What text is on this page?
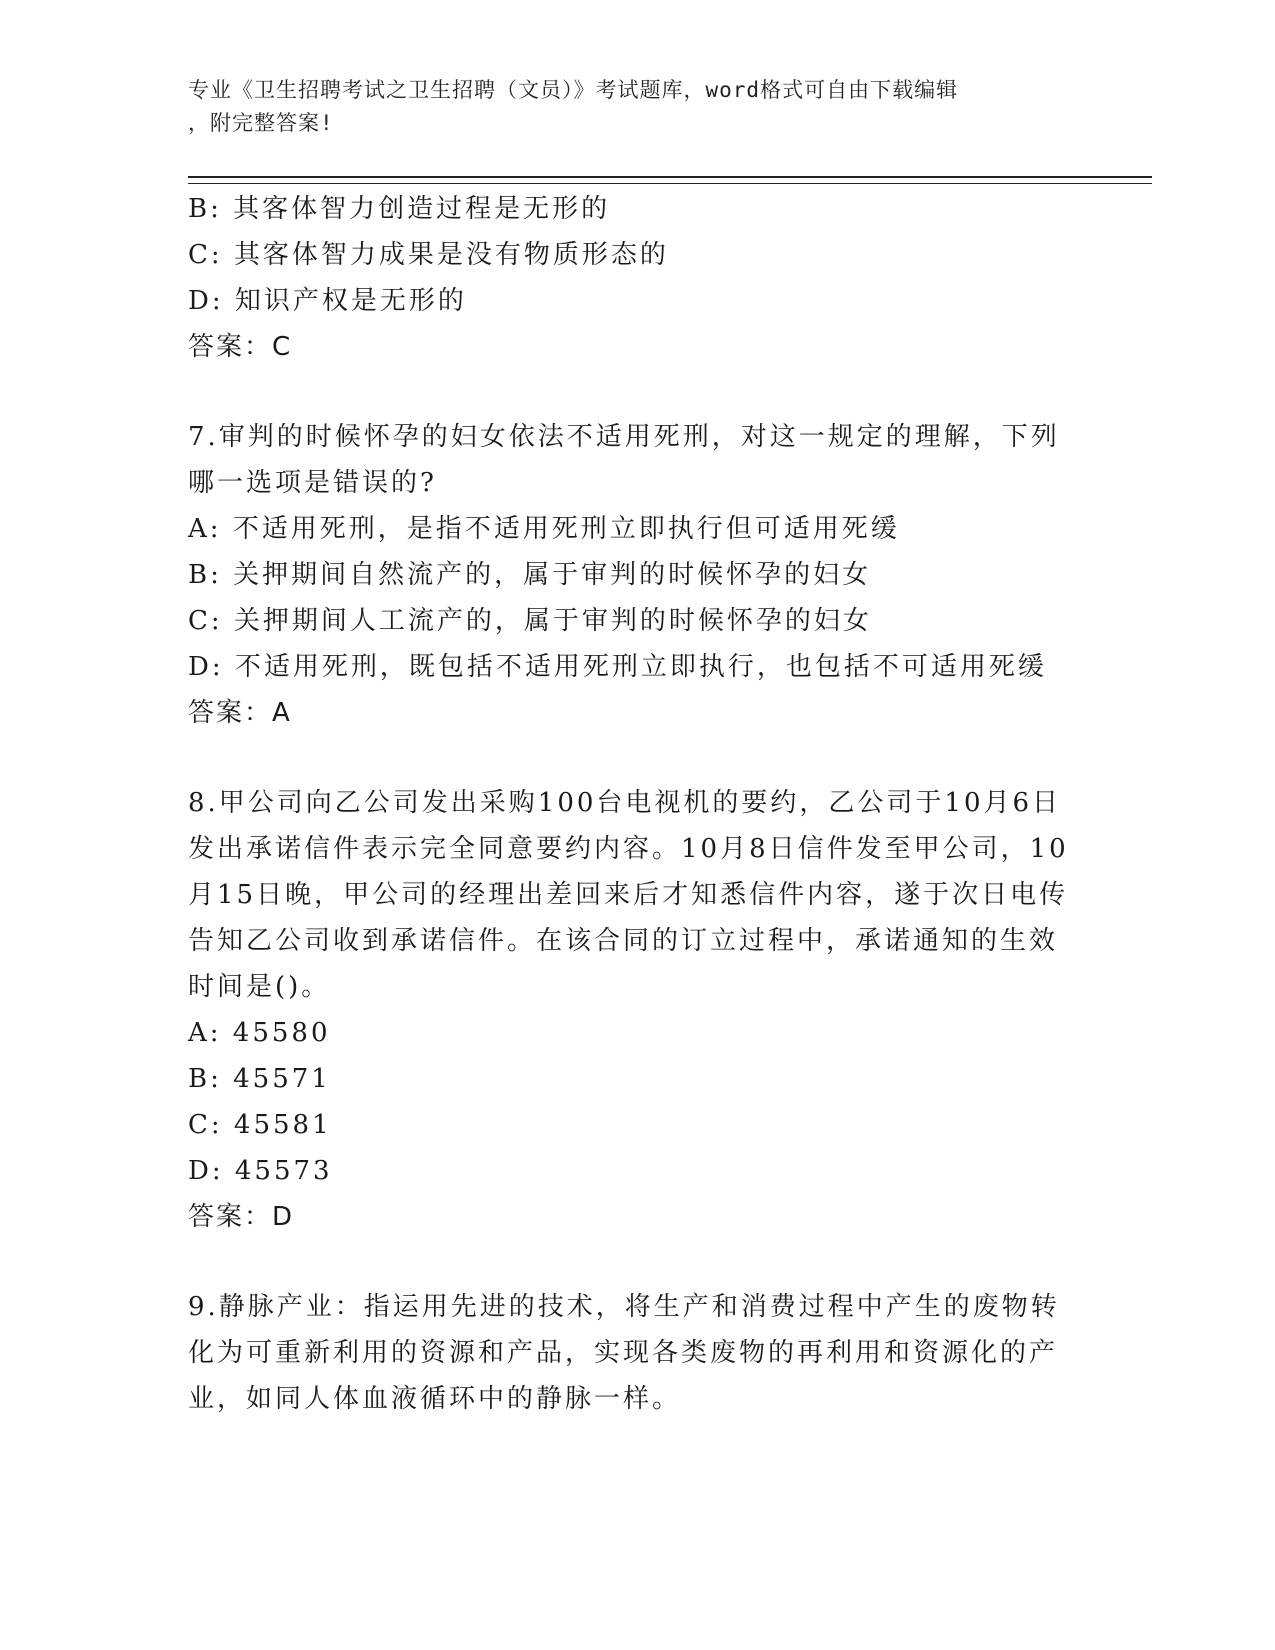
专业《卫生招聘考试之卫生招聘（文员）》考试题库，word格式可自由下载编辑
，附完整答案!
B: 其客体智力创造过程是无形的
C: 其客体智力成果是没有物质形态的
D: 知识产权是无形的
答案：C
7.审判的时候怀孕的妇女依法不适用死刑，对这一规定的理解，下列
哪一选项是错误的?
A: 不适用死刑，是指不适用死刑立即执行但可适用死缓
B: 关押期间自然流产的，属于审判的时候怀孕的妇女
C: 关押期间人工流产的，属于审判的时候怀孕的妇女
D: 不适用死刑，既包括不适用死刑立即执行，也包括不可适用死缓
答案：A
8.甲公司向乙公司发出采购100台电视机的要约，乙公司于10月6日
发出承诺信件表示完全同意要约内容。10月8日信件发至甲公司，10
月15日晚，甲公司的经理出差回来后才知悉信件内容，遂于次日电传
告知乙公司收到承诺信件。在该合同的订立过程中，承诺通知的生效
时间是()。
A: 45580
B: 45571
C: 45581
D: 45573
答案：D
9.静脉产业：指运用先进的技术，将生产和消费过程中产生的废物转
化为可重新利用的资源和产品，实现各类废物的再利用和资源化的产
业，如同人体血液循环中的静脉一样。
